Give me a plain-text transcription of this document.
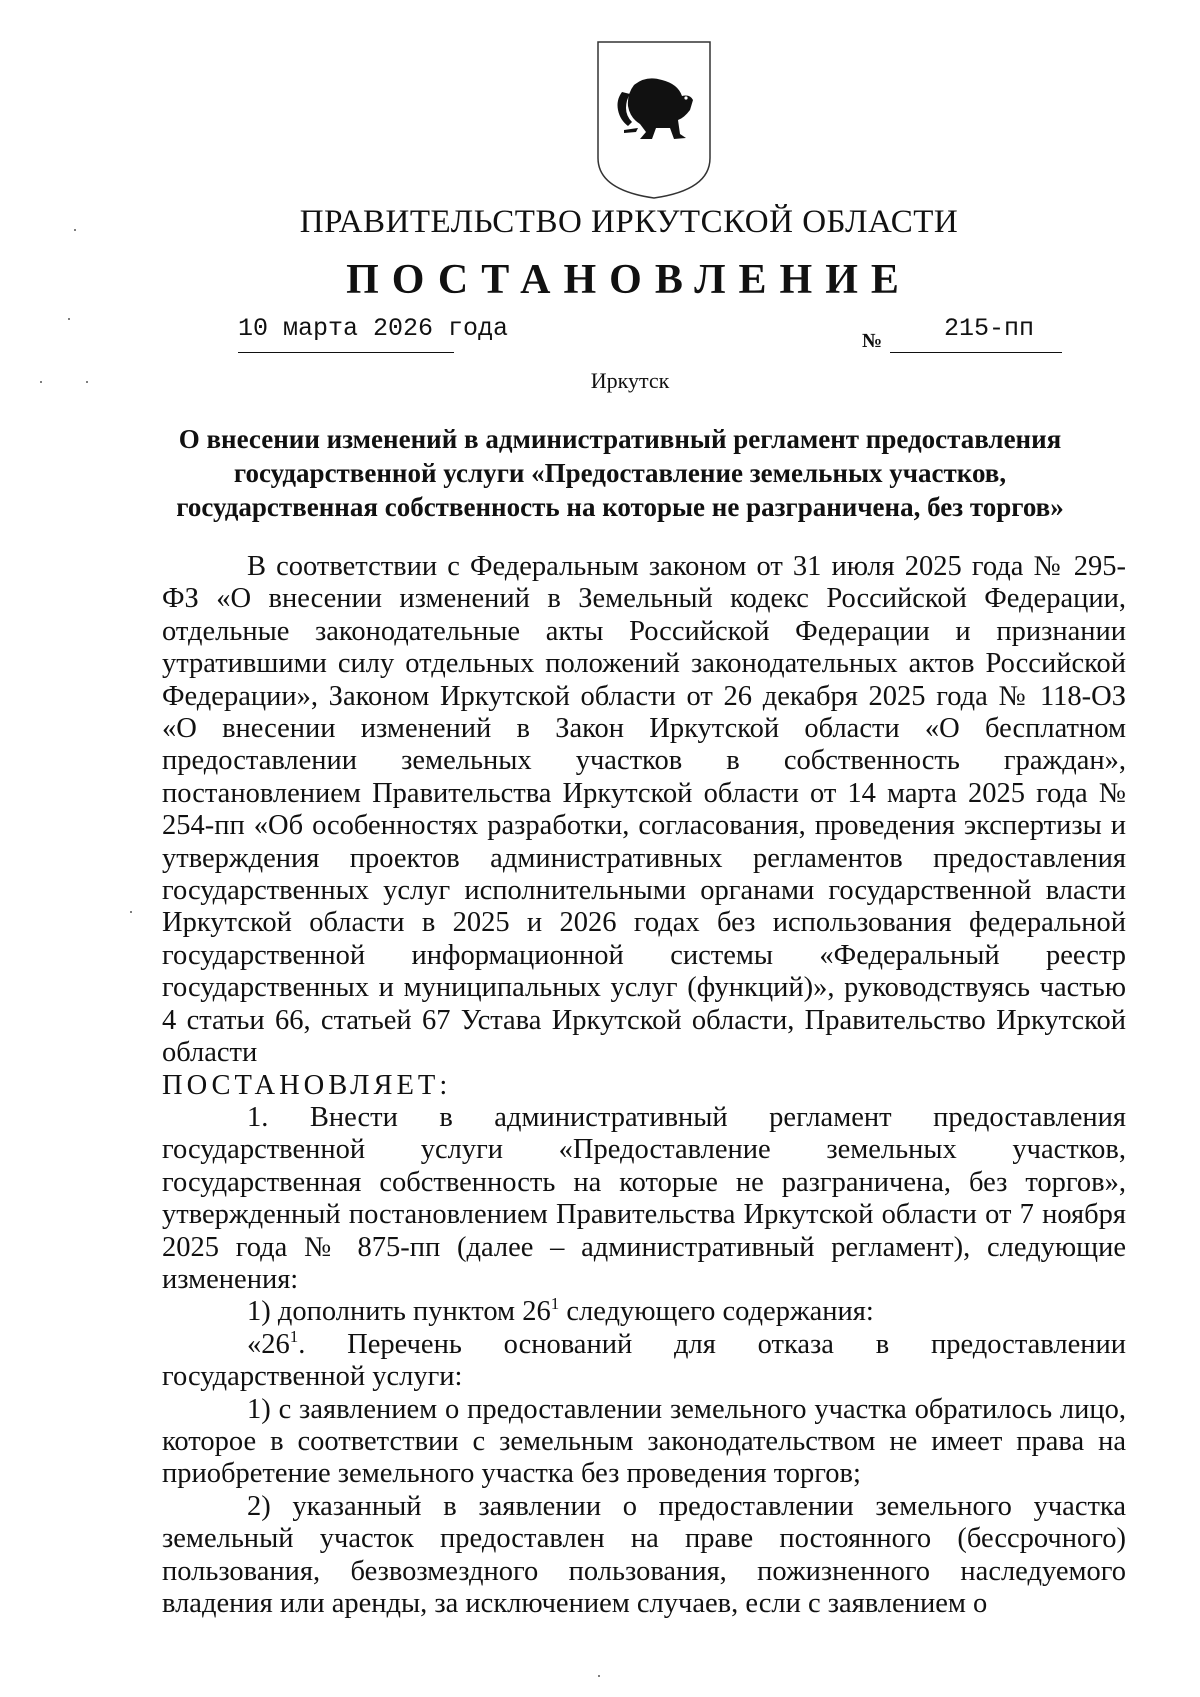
ПРАВИТЕЛЬСТВО ИРКУТСКОЙ ОБЛАСТИ
ПОСТАНОВЛЕНИЕ
10 марта 2026 года	№ 215-пп
Иркутск
О внесении изменений в административный регламент предоставления
государственной услуги «Предоставление земельных участков,
государственная собственность на которые не разграничена, без торгов»

В соответствии с Федеральным законом от 31 июля 2025 года № 295-ФЗ «О внесении изменений в Земельный кодекс Российской Федерации, отдельные законодательные акты Российской Федерации и признании утратившими силу отдельных положений законодательных актов Российской Федерации», Законом Иркутской области от 26 декабря 2025 года № 118-ОЗ «О внесении изменений в Закон Иркутской области «О бесплатном предоставлении земельных участков в собственность граждан», постановлением Правительства Иркутской области от 14 марта 2025 года № 254-пп «Об особенностях разработки, согласования, проведения экспертизы и утверждения проектов административных регламентов предоставления государственных услуг исполнительными органами государственной власти Иркутской области в 2025 и 2026 годах без использования федеральной государственной информационной системы «Федеральный реестр государственных и муниципальных услуг (функций)», руководствуясь частью 4 статьи 66, статьей 67 Устава Иркутской области, Правительство Иркутской области

ПОСТАНОВЛЯЕТ:

1. Внести в административный регламент предоставления государственной услуги «Предоставление земельных участков, государственная собственность на которые не разграничена, без торгов», утвержденный постановлением Правительства Иркутской области от 7 ноября 2025 года № 875-пп (далее – административный регламент), следующие изменения:

1) дополнить пунктом $26^1$ следующего содержания:

«$26^1$. Перечень оснований для отказа в предоставлении государственной услуги:

1) с заявлением о предоставлении земельного участка обратилось лицо, которое в соответствии с земельным законодательством не имеет права на приобретение земельного участка без проведения торгов;

2) указанный в заявлении о предоставлении земельного участка земельный участок предоставлен на праве постоянного (бессрочного) пользования, безвозмездного пользования, пожизненного наследуемого владения или аренды, за исключением случаев, если с заявлением о
